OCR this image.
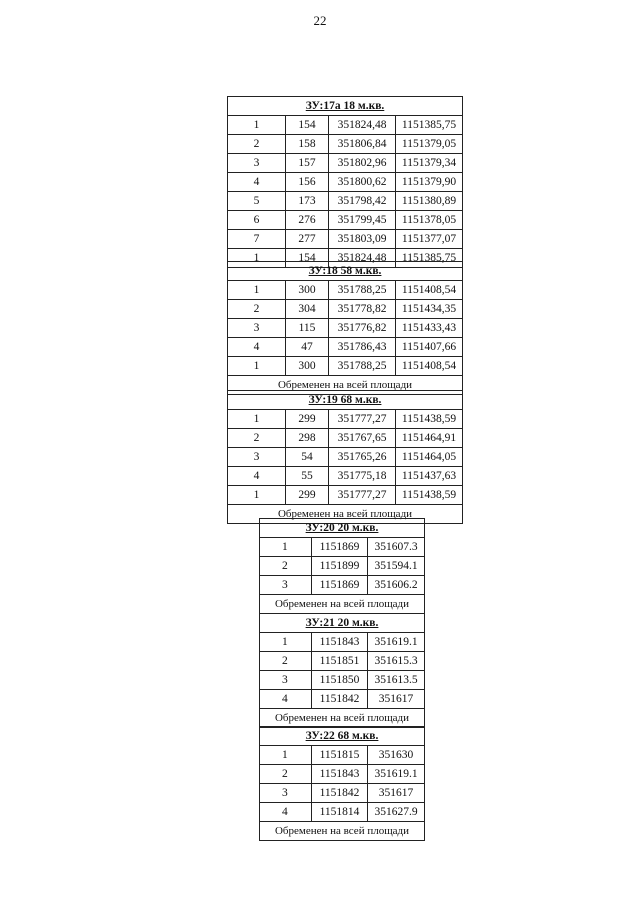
22
ЗУ:17а 18 м.кв.			
1	154	351824,48	1151385,75
2	158	351806,84	1151379,05
3	157	351802,96	1151379,34
4	156	351800,62	1151379,90
5	173	351798,42	1151380,89
6	276	351799,45	1151378,05
7	277	351803,09	1151377,07
1	154	351824,48	1151385,75
ЗУ:18 58 м.кв.			
1	300	351788,25	1151408,54
2	304	351778,82	1151434,35
3	115	351776,82	1151433,43
4	47	351786,43	1151407,66
1	300	351788,25	1151408,54
Обременен на всей площади			
ЗУ:19 68 м.кв.			
1	299	351777,27	1151438,59
2	298	351767,65	1151464,91
3	54	351765,26	1151464,05
4	55	351775,18	1151437,63
1	299	351777,27	1151438,59
Обременен на всей площади			
ЗУ:20 20 м.кв.		
1	1151869	351607.3
2	1151899	351594.1
3	1151869	351606.2
Обременен на всей площади		
ЗУ:21 20 м.кв.		
1	1151843	351619.1
2	1151851	351615.3
3	1151850	351613.5
4	1151842	351617
Обременен на всей площади		
ЗУ:22 68 м.кв.		
1	1151815	351630
2	1151843	351619.1
3	1151842	351617
4	1151814	351627.9
Обременен на всей площади		
